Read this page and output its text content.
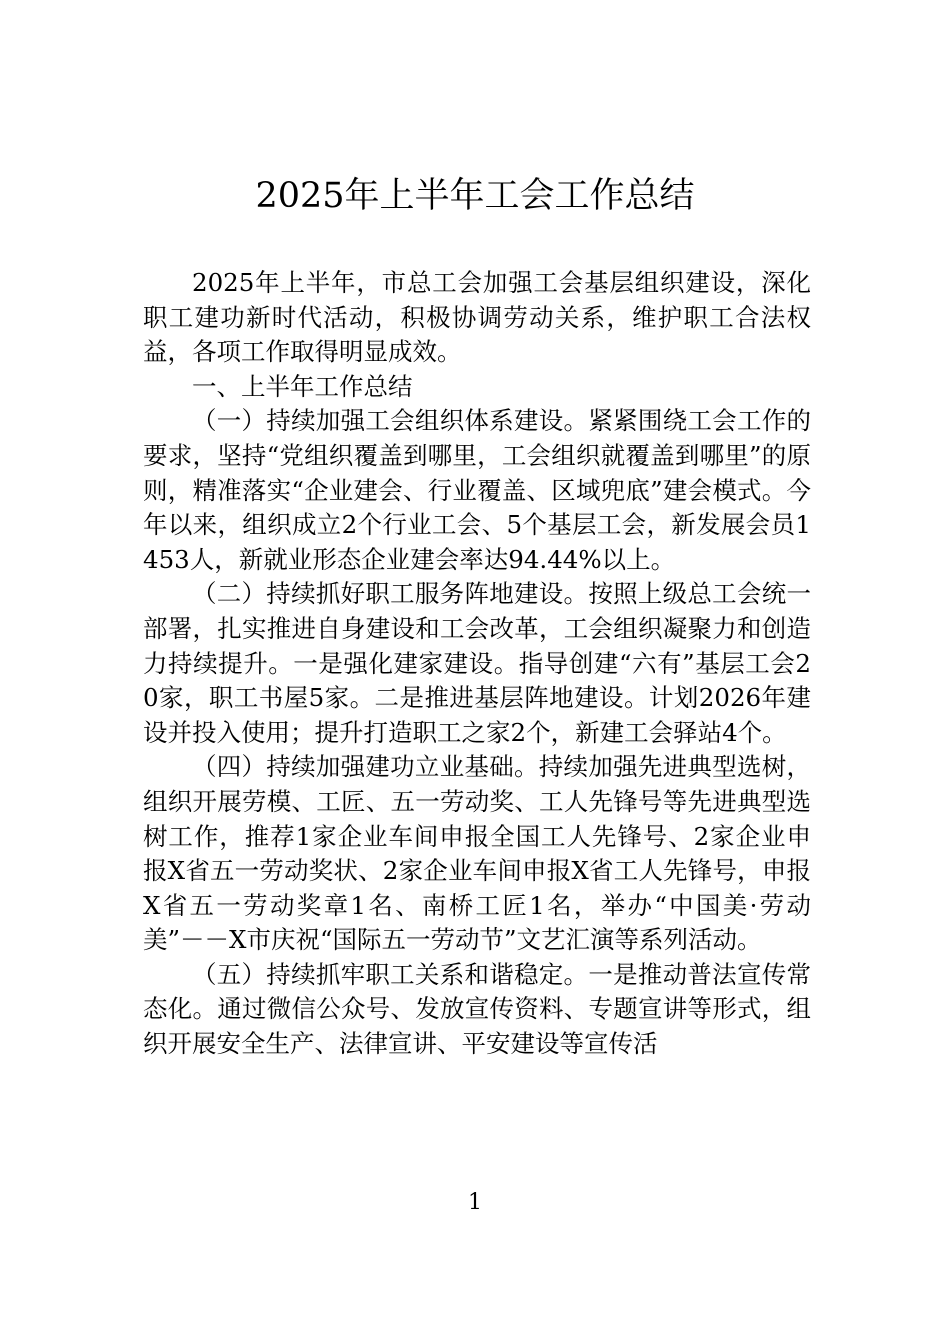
2025年上半年工会工作总结

2025年上半年，市总工会加强工会基层组织建设，深化职工建功新时代活动，积极协调劳动关系，维护职工合法权益，各项工作取得明显成效。

一、上半年工作总结

（一）持续加强工会组织体系建设。紧紧围绕工会工作的要求，坚持“党组织覆盖到哪里，工会组织就覆盖到哪里”的原则，精准落实“企业建会、行业覆盖、区域兜底”建会模式。今年以来，组织成立2个行业工会、5个基层工会，新发展会员1453人，新就业形态企业建会率达94.44%以上。

（二）持续抓好职工服务阵地建设。按照上级总工会统一部署，扎实推进自身建设和工会改革，工会组织凝聚力和创造力持续提升。一是强化建家建设。指导创建“六有”基层工会20家，职工书屋5家。二是推进基层阵地建设。计划2026年建设并投入使用；提升打造职工之家2个，新建工会驿站4个。

（四）持续加强建功立业基础。持续加强先进典型选树，组织开展劳模、工匠、五一劳动奖、工人先锋号等先进典型选树工作，推荐1家企业车间申报全国工人先锋号、2家企业申报X省五一劳动奖状、2家企业车间申报X省工人先锋号，申报X省五一劳动奖章1名、南桥工匠1名，举办“中国美·劳动美”－－X市庆祝“国际五一劳动节”文艺汇演等系列活动。

（五）持续抓牢职工关系和谐稳定。一是推动普法宣传常态化。通过微信公众号、发放宣传资料、专题宣讲等形式，组织开展安全生产、法律宣讲、平安建设等宣传活

1
